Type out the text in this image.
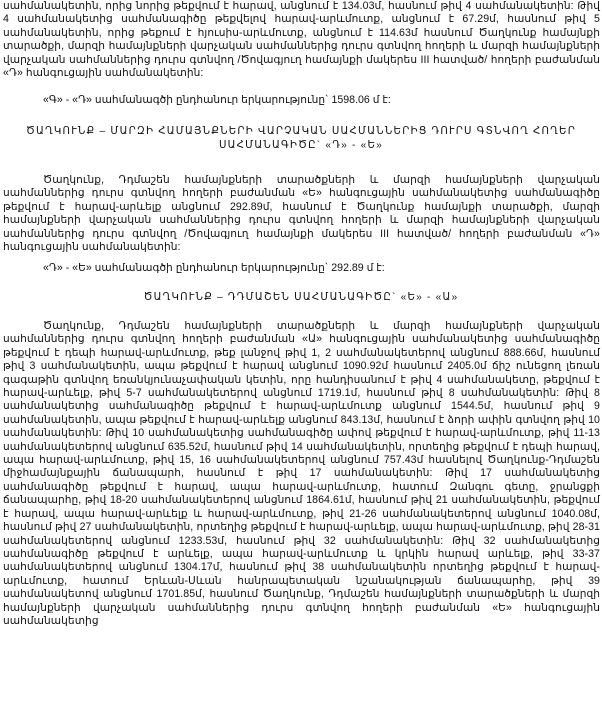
սահմանակետին, որից նորից թեքվում է հարավ, անցնում է 134.03մ, հասնում թիվ 4 սահմանակետին: Թիվ 4 սահմանակետից սահմանագիծը թեքվելով հարավ-արևմուտք, անցնում է 67.29մ, հասնում թիվ 5 սահմանակետին, որից թեքում է հյուսիս-արևմուտք, անցնում է 114.63մ հասնում Ծաղկունք համայնքի տարածքի, մարզի համայնքների վարչական սահմաններից դուրս գտնվող հողերի և մարզի համայնքների վարչական սահմաններից դուրս գտնվող /Ծովագյուղ համայնքի մակերես III հատված/ հողերի բաժանման «Դ» հանգուցային սահմանակետին:

«Գ» - «Դ» սահմանագծի ընդհանուր երկարությունը` 1598.06 մ է:

ԾԱՂԿՈՒՆՔ – ՄԱՐԶԻ ՀԱՄԱՅՆՔՆԵՐԻ ՎԱՐՉԱԿԱՆ ՍԱՀՄԱՆՆԵՐԻՑ ԴՈՒՐՍ ԳՏՆՎՈՂ ՀՈՂԵՐ
ՍԱՀՄԱՆԱԳԻԾԸ` «Դ» - «Ե»

Ծաղկունք, Դդմաշեն համայնքների տարածքների և մարզի համայնքների վարչական սահմաններից դուրս գտնվող հողերի բաժանման «Ե» հանգուցային սահմանակետից սահմանագիծը թեքվում է հարավ-արևելք անցնում 292.89մ, հասնում է Ծաղկունք համայնքի տարածքի, մարզի համայնքների վարչական սահմաններից դուրս գտնվող հողերի և մարզի համայնքների վարչական սահմաններից դուրս գտնվող /Ծովագյուղ համայնքի մակերես III հատված/ հողերի բաժանման «Դ» հանգուցային սահմանակետին:

«Դ» - «Ե» սահմանագծի ընդհանուր երկարությունը` 292.89 մ է:

ԾԱՂԿՈՒՆՔ – ԴԴՄԱՇԵՆ ՍԱՀՄԱՆԱԳԻԾԸ` «Ե» - «Ա»

Ծաղկունք, Դդմաշեն համայնքների տարածքների և մարզի համայնքների վարչական սահմաններից դուրս գտնվող հողերի բաժանման «Ա» հանգուցային սահմանակետից սահմանագիծը թեքվում է դեպի հարավ-արևմուտք, թեք լանջով թիվ 1, 2 սահմանակետերով անցնում 888.66մ, հասնում թիվ 3 սահմանակետին, ապա թեքվում է հարավ անցնում 1090.92մ հասնում 2405.0մ ճիշ ունեցող լեռան գագաթին գտնվող եռանկյունաչափական կետին, որը հանդիսանում է թիվ 4 սահմանակետը, թեքվում է հարավ-արևելք, թիվ 5-7 սահմանակետերով անցնում 1719.1մ, հասնում թիվ 8 սահմանակետին: Թիվ 8 սահմանակետից սահմանագիծը թեքվում է հարավ-արևմուտք անցնում 1544.5մ, հասնում թիվ 9 սահմանակետին, ապա թեքվում է հարավ-արևելք անցնում 843.13մ, հասնում է ձորի ափին գտնվող թիվ 10 սահմանակետին: Թիվ 10 սահմանակետից սահմանագիծը ափով թեքվում է հարավ-արևմուտք, թիվ 11-13 սահմանակետերով անցնում 635.52մ, հասնում թիվ 14 սահմանակետին, որտեղից թեքվում է դեպի հարավ, ապա հարավ-արևմուտք, թիվ 15, 16 սահմանակետերով անցնում 757.43մ հասնելով Ծաղկունք-Դդմաշեն միջհամայնքային ճանապարհ, հասնում է թիվ 17 սահմանակետին: Թիվ 17 սահմանակետից սահմանագիծը թեքվում է հարավ, ապա հարավ-արևմուտք, հատում Զանգու գետը, ջրանցքի ճանապարհը, թիվ 18-20 սահմանակետերով անցնում 1864.61մ, հասնում թիվ 21 սահմանակետին, թեքվում է հարավ, ապա հարավ-արևելք և հարավ-արևմուտք, թիվ 21-26 սահմանակետերով անցնում 1040.08մ, հասնում թիվ 27 սահմանակետին, որտեղից թեքվում է հարավ-արևելք, ապա հարավ-արևմուտք, թիվ 28-31 սահմանակետերով անցնում 1233.53մ, հասնում թիվ 32 սահմանակետին: Թիվ 32 սահմանակետից սահմանագիծը թեքվում է արևելք, ապա հարավ-արևմուտք և կրկին հարավ արևելք, թիվ 33-37 սահմանակետերով անցնում 1304.17մ, հասնում թիվ 38 սահմանակետին որտեղից թեքվում է հարավ-արևմուտք, հատում Երևան-Սևան հանրապետական նշանակության ճանապարհը, թիվ 39 սահմանակետով անցնում 1701.85մ, հասնում Ծաղկունք, Դդմաշեն համայնքների տարածքների և մարզի համայնքների վարչական սահմաններից դուրս գտնվող հողերի բաժանման «Ե» հանգուցային սահմանակետից
